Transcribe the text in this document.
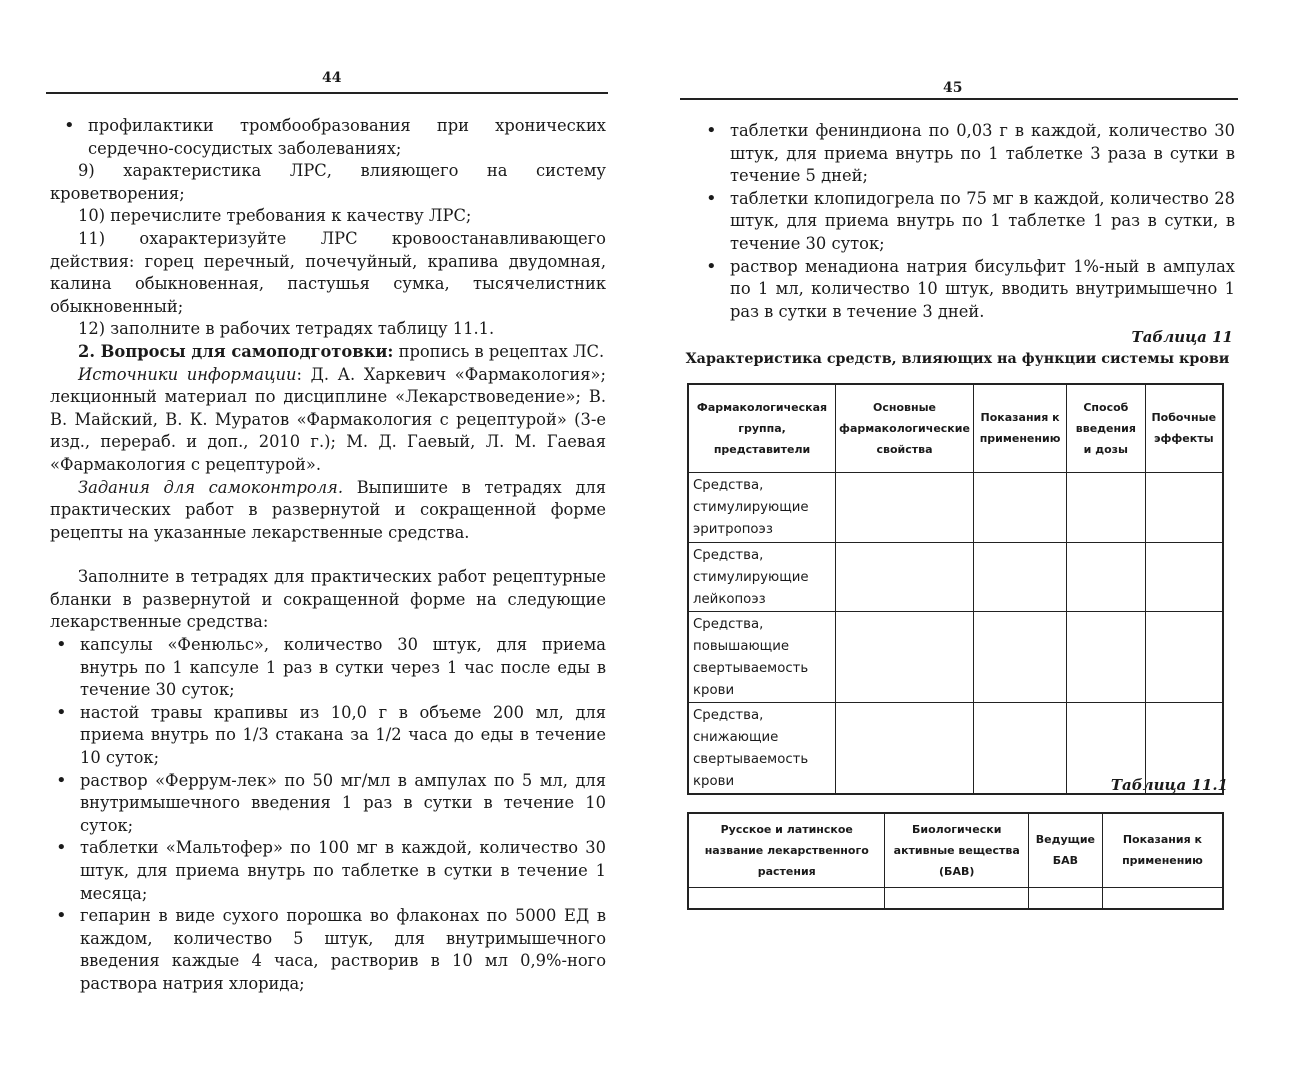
44
• профилактики тромбообразования при хронических сердечно-сосудистых заболеваниях;

9) характеристика ЛРС, влияющего на систему кроветворения;

10) перечислите требования к качеству ЛРС;

11) охарактеризуйте ЛРС кровоостанавливающего действия: горец перечный, почечуйный, крапива двудомная, калина обыкновенная, пастушья сумка, тысячелистник обыкновенный;

12) заполните в рабочих тетрадях таблицу 11.1.

2. Вопросы для самоподготовки: пропись в рецептах ЛС.

Источники информации: Д. А. Харкевич «Фармакология»; лекционный материал по дисциплине «Лекарствоведение»; В. В. Майский, В. К. Муратов «Фармакология с рецептурой» (3-е изд., перераб. и доп., 2010 г.); М. Д. Гаевый, Л. М. Гаевая «Фармакология с рецептурой».

Задания для самоконтроля. Выпишите в тетрадях для практических работ в развернутой и сокращенной форме рецепты на указанные лекарственные средства.

Заполните в тетрадях для практических работ рецептурные бланки в развернутой и сокращенной форме на следующие лекарственные средства:

• капсулы «Фенюльс», количество 30 штук, для приема внутрь по 1 капсуле 1 раз в сутки через 1 час после еды в течение 30 суток;
• настой травы крапивы из 10,0 г в объеме 200 мл, для приема внутрь по 1/3 стакана за 1/2 часа до еды в течение 10 суток;
• раствор «Феррум-лек» по 50 мг/мл в ампулах по 5 мл, для внутримышечного введения 1 раз в сутки в течение 10 суток;
• таблетки «Мальтофер» по 100 мг в каждой, количество 30 штук, для приема внутрь по таблетке в сутки в течение 1 месяца;
• гепарин в виде сухого порошка во флаконах по 5000 ЕД в каждом, количество 5 штук, для внутримышечного введения каждые 4 часа, растворив в 10 мл 0,9%-ного раствора натрия хлорида;
45
• таблетки фениндиона по 0,03 г в каждой, количество 30 штук, для приема внутрь по 1 таблетке 3 раза в сутки в течение 5 дней;
• таблетки клопидогрела по 75 мг в каждой, количество 28 штук, для приема внутрь по 1 таблетке 1 раз в сутки, в течение 30 суток;
• раствор менадиона натрия бисульфит 1%-ный в ампулах по 1 мл, количество 10 штук, вводить внутримышечно 1 раз в сутки в течение 3 дней.
Таблица 11
Характеристика средств, влияющих на функции системы крови
Фармакологическая группа, представители	Основные фармакологические свойства	Показания к применению	Способ введения и дозы	Побочные эффекты

Средства, стимулирующие эритропоэз				

Средства, стимулирующие лейкопоэз				

Средства, повышающие свертываемость крови				

Средства, снижающие свертываемость крови				
					Таблица 11.1
Русское и латинское название лекарственного растения	Биологически активные вещества (БАВ)	Ведущие БАВ	Показания к применению
